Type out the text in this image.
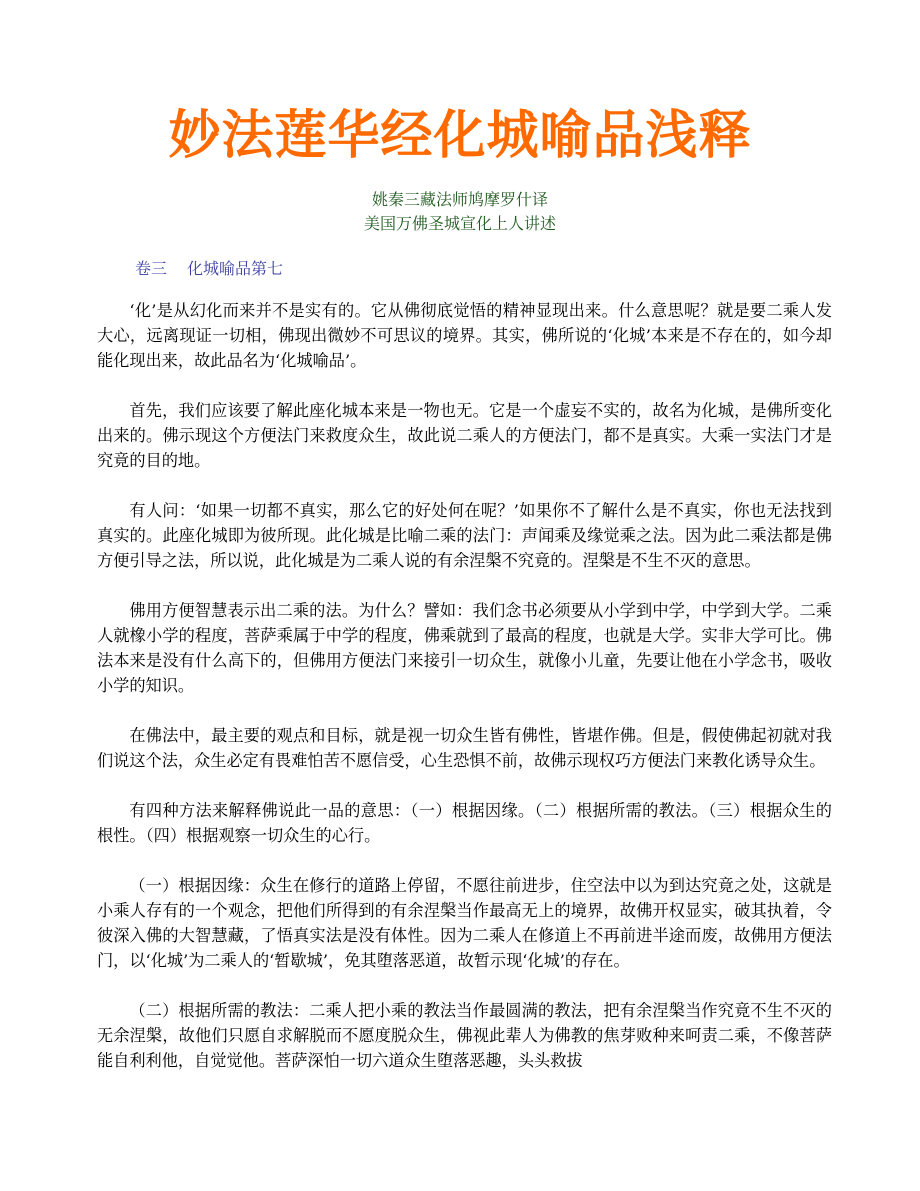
妙法莲华经化城喻品浅释
姚秦三藏法师鸠摩罗什译
美国万佛圣城宣化上人讲述
卷三 化城喻品第七

‘化’是从幻化而来并不是实有的。它从佛彻底觉悟的精神显现出来。什么意思呢？就是要二乘人发大心，远离现证一切相，佛现出微妙不可思议的境界。其实，佛所说的‘化城’本来是不存在的，如今却能化现出来，故此品名为‘化城喻品’。

首先，我们应该要了解此座化城本来是一物也无。它是一个虚妄不实的，故名为化城，是佛所变化出来的。佛示现这个方便法门来救度众生，故此说二乘人的方便法门，都不是真实。大乘一实法门才是究竟的目的地。

有人问：‘如果一切都不真实，那么它的好处何在呢？’如果你不了解什么是不真实，你也无法找到真实的。此座化城即为彼所现。此化城是比喻二乘的法门：声闻乘及缘觉乘之法。因为此二乘法都是佛方便引导之法，所以说，此化城是为二乘人说的有余涅槃不究竟的。涅槃是不生不灭的意思。

佛用方便智慧表示出二乘的法。为什么？譬如：我们念书必须要从小学到中学，中学到大学。二乘人就橡小学的程度，菩萨乘属于中学的程度，佛乘就到了最高的程度，也就是大学。实非大学可比。佛法本来是没有什么高下的，但佛用方便法门来接引一切众生，就像小儿童，先要让他在小学念书，吸收小学的知识。

在佛法中，最主要的观点和目标，就是视一切众生皆有佛性，皆堪作佛。但是，假使佛起初就对我们说这个法，众生必定有畏难怕苦不愿信受，心生恐惧不前，故佛示现权巧方便法门来教化诱导众生。

有四种方法来解释佛说此一品的意思：（一）根据因缘。（二）根据所需的教法。（三）根据众生的根性。（四）根据观察一切众生的心行。

（一）根据因缘：众生在修行的道路上停留，不愿往前进步，住空法中以为到达究竟之处，这就是小乘人存有的一个观念，把他们所得到的有余涅槃当作最高无上的境界，故佛开权显实，破其执着，令彼深入佛的大智慧藏，了悟真实法是没有体性。因为二乘人在修道上不再前进半途而废，故佛用方便法门，以‘化城’为二乘人的‘暂歇城’，免其堕落恶道，故暂示现‘化城’的存在。

（二）根据所需的教法：二乘人把小乘的教法当作最圆满的教法，把有余涅槃当作究竟不生不灭的无余涅槃，故他们只愿自求解脱而不愿度脱众生，佛视此辈人为佛教的焦芽败种来呵责二乘，不像菩萨能自利利他，自觉觉他。菩萨深怕一切六道众生堕落恶趣，头头救拔
